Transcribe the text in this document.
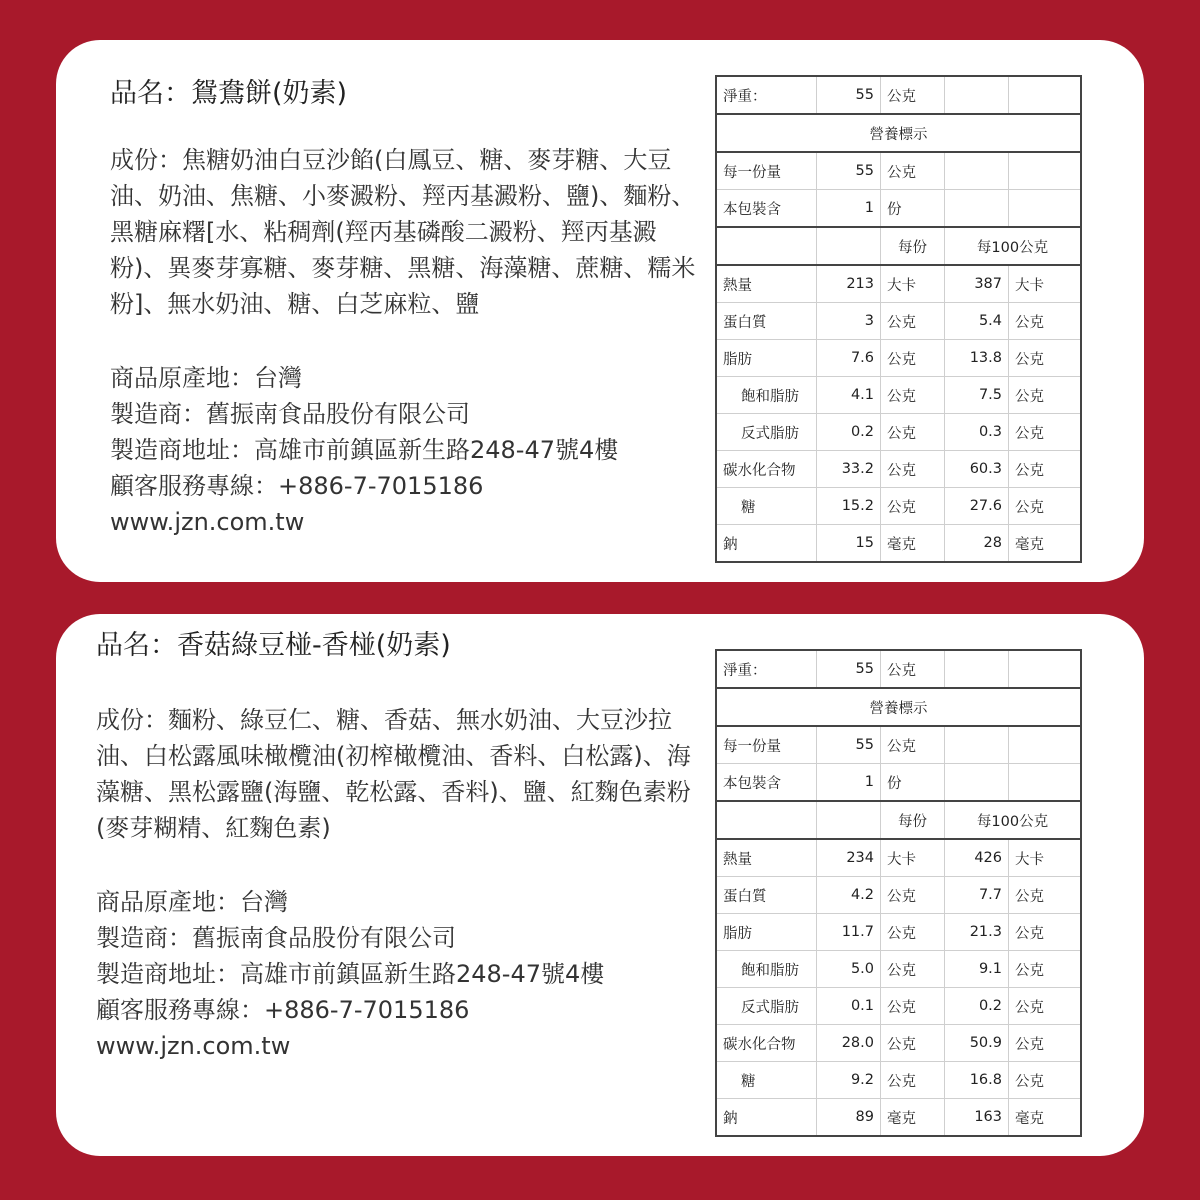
品名：鴛鴦餅(奶素)

成份：焦糖奶油白豆沙餡(白鳳豆、糖、麥芽糖、大豆油、奶油、焦糖、小麥澱粉、羥丙基澱粉、鹽)、麵粉、黑糖麻糬[水、粘稠劑(羥丙基磷酸二澱粉、羥丙基澱粉)、異麥芽寡糖、麥芽糖、黑糖、海藻糖、蔗糖、糯米粉]、無水奶油、糖、白芝麻粒、鹽

商品原產地：台灣

製造商：舊振南食品股份有限公司

製造商地址：高雄市前鎮區新生路248-47號4樓

顧客服務專線：+886-7-7015186

www.jzn.com.tw

淨重：	55	公克		
營養標示				
每一份量	55	公克		
本包裝含	1	份		
		每份	每100公克	
熱量	213	大卡	387	大卡
蛋白質	3	公克	5.4	公克
脂肪	7.6	公克	13.8	公克
飽和脂肪	4.1	公克	7.5	公克
反式脂肪	0.2	公克	0.3	公克
碳水化合物	33.2	公克	60.3	公克
糖	15.2	公克	27.6	公克
鈉	15	毫克	28	毫克

品名：香菇綠豆椪-香椪(奶素)

成份：麵粉、綠豆仁、糖、香菇、無水奶油、大豆沙拉油、白松露風味橄欖油(初榨橄欖油、香料、白松露)、海藻糖、黑松露鹽(海鹽、乾松露、香料)、鹽、紅麴色素粉(麥芽糊精、紅麴色素)

商品原產地：台灣

製造商：舊振南食品股份有限公司

製造商地址：高雄市前鎮區新生路248-47號4樓

顧客服務專線：+886-7-7015186

www.jzn.com.tw

淨重：	55	公克		
營養標示				
每一份量	55	公克		
本包裝含	1	份		
		每份	每100公克	
熱量	234	大卡	426	大卡
蛋白質	4.2	公克	7.7	公克
脂肪	11.7	公克	21.3	公克
飽和脂肪	5.0	公克	9.1	公克
反式脂肪	0.1	公克	0.2	公克
碳水化合物	28.0	公克	50.9	公克
糖	9.2	公克	16.8	公克
鈉	89	毫克	163	毫克
